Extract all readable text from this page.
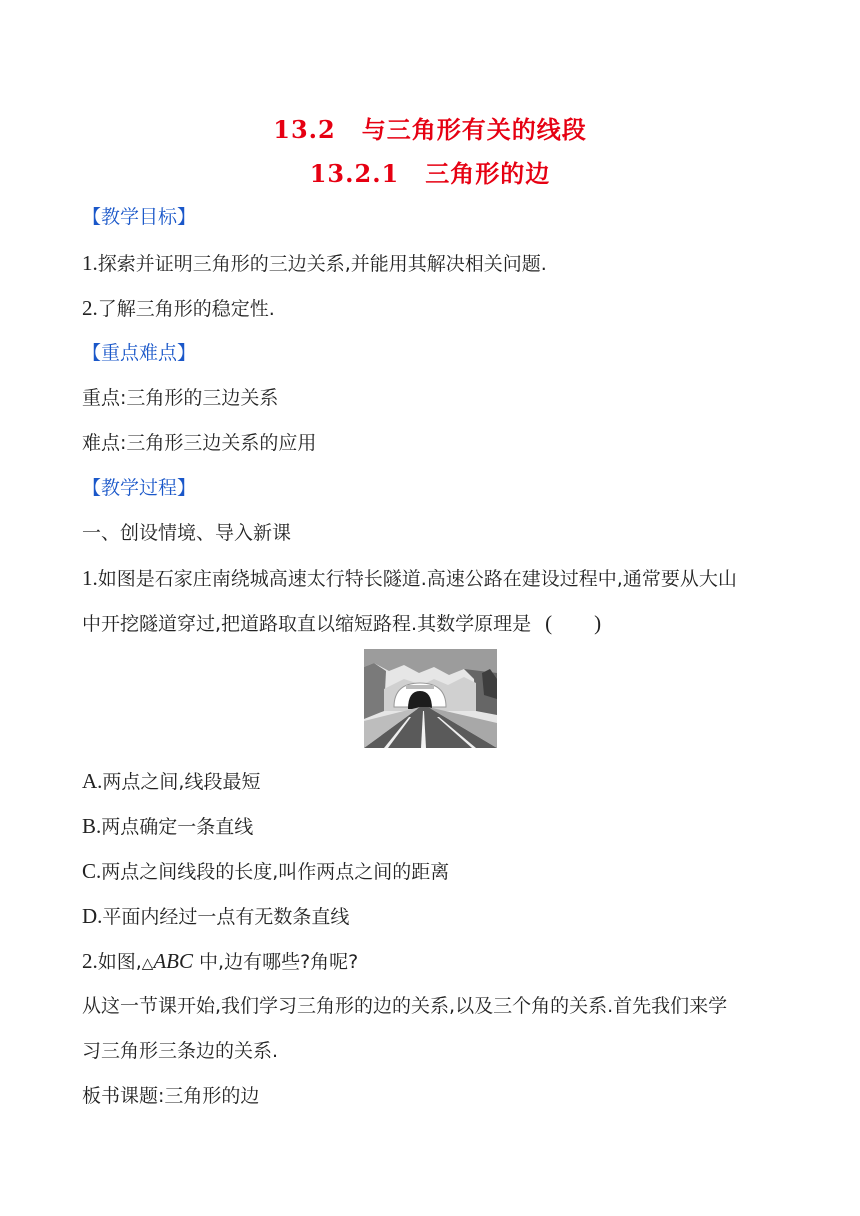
13.2 与三角形有关的线段
13.2.1 三角形的边
【教学目标】
1.探索并证明三角形的三边关系,并能用其解决相关问题.
2.了解三角形的稳定性.
【重点难点】
重点:三角形的三边关系
难点:三角形三边关系的应用
【教学过程】
一、创设情境、导入新课
1.如图是石家庄南绕城高速太行特长隧道.高速公路在建设过程中,通常要从大山
中开挖隧道穿过,把道路取直以缩短路程.其数学原理是 (        )
A.两点之间,线段最短
B.两点确定一条直线
C.两点之间线段的长度,叫作两点之间的距离
D.平面内经过一点有无数条直线
2.如图,△ABC 中,边有哪些?角呢?
从这一节课开始,我们学习三角形的边的关系,以及三个角的关系.首先我们来学
习三角形三条边的关系.
板书课题:三角形的边
